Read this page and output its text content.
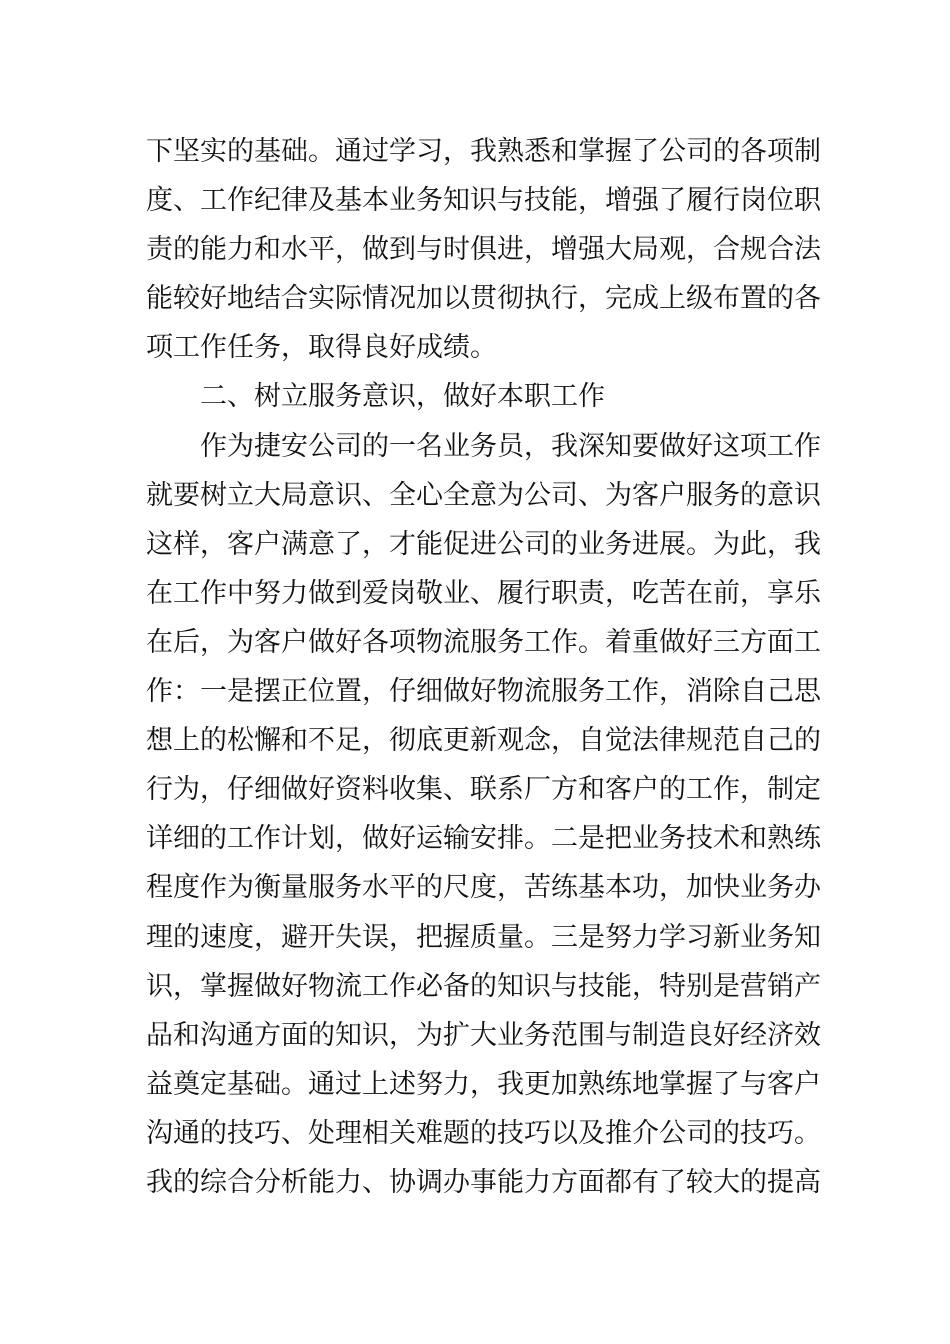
下坚实的基础。通过学习，我熟悉和掌握了公司的各项制
度、工作纪律及基本业务知识与技能，增强了履行岗位职
责的能力和水平，做到与时俱进，增强大局观，合规合法
能较好地结合实际情况加以贯彻执行，完成上级布置的各
项工作任务，取得良好成绩。
二、树立服务意识，做好本职工作
作为捷安公司的一名业务员，我深知要做好这项工作
就要树立大局意识、全心全意为公司、为客户服务的意识
这样，客户满意了，才能促进公司的业务进展。为此，我
在工作中努力做到爱岗敬业、履行职责，吃苦在前，享乐
在后，为客户做好各项物流服务工作。着重做好三方面工
作：一是摆正位置，仔细做好物流服务工作，消除自己思
想上的松懈和不足，彻底更新观念，自觉法律规范自己的
行为，仔细做好资料收集、联系厂方和客户的工作，制定
详细的工作计划，做好运输安排。二是把业务技术和熟练
程度作为衡量服务水平的尺度，苦练基本功，加快业务办
理的速度，避开失误，把握质量。三是努力学习新业务知
识，掌握做好物流工作必备的知识与技能，特别是营销产
品和沟通方面的知识，为扩大业务范围与制造良好经济效
益奠定基础。通过上述努力，我更加熟练地掌握了与客户
沟通的技巧、处理相关难题的技巧以及推介公司的技巧。
我的综合分析能力、协调办事能力方面都有了较大的提高
